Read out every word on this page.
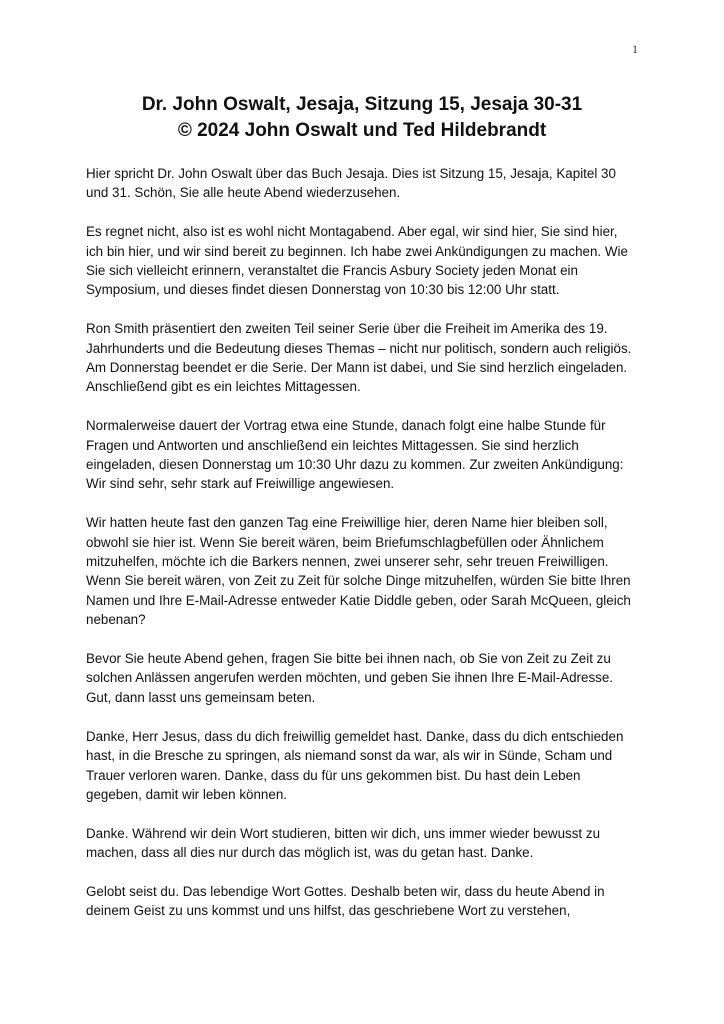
1
Dr. John Oswalt, Jesaja, Sitzung 15, Jesaja 30-31
© 2024 John Oswalt und Ted Hildebrandt

Hier spricht Dr. John Oswalt über das Buch Jesaja. Dies ist Sitzung 15, Jesaja, Kapitel 30 und 31. Schön, Sie alle heute Abend wiederzusehen.

Es regnet nicht, also ist es wohl nicht Montagabend. Aber egal, wir sind hier, Sie sind hier, ich bin hier, und wir sind bereit zu beginnen. Ich habe zwei Ankündigungen zu machen. Wie Sie sich vielleicht erinnern, veranstaltet die Francis Asbury Society jeden Monat ein Symposium, und dieses findet diesen Donnerstag von 10:30 bis 12:00 Uhr statt.

Ron Smith präsentiert den zweiten Teil seiner Serie über die Freiheit im Amerika des 19. Jahrhunderts und die Bedeutung dieses Themas – nicht nur politisch, sondern auch religiös. Am Donnerstag beendet er die Serie. Der Mann ist dabei, und Sie sind herzlich eingeladen. Anschließend gibt es ein leichtes Mittagessen.

Normalerweise dauert der Vortrag etwa eine Stunde, danach folgt eine halbe Stunde für Fragen und Antworten und anschließend ein leichtes Mittagessen. Sie sind herzlich eingeladen, diesen Donnerstag um 10:30 Uhr dazu zu kommen. Zur zweiten Ankündigung: Wir sind sehr, sehr stark auf Freiwillige angewiesen.

Wir hatten heute fast den ganzen Tag eine Freiwillige hier, deren Name hier bleiben soll, obwohl sie hier ist. Wenn Sie bereit wären, beim Briefumschlagbefüllen oder Ähnlichem mitzuhelfen, möchte ich die Barkers nennen, zwei unserer sehr, sehr treuen Freiwilligen. Wenn Sie bereit wären, von Zeit zu Zeit für solche Dinge mitzuhelfen, würden Sie bitte Ihren Namen und Ihre E-Mail-Adresse entweder Katie Diddle geben, oder Sarah McQueen, gleich nebenan?

Bevor Sie heute Abend gehen, fragen Sie bitte bei ihnen nach, ob Sie von Zeit zu Zeit zu solchen Anlässen angerufen werden möchten, und geben Sie ihnen Ihre E-Mail-Adresse. Gut, dann lasst uns gemeinsam beten.

Danke, Herr Jesus, dass du dich freiwillig gemeldet hast. Danke, dass du dich entschieden hast, in die Bresche zu springen, als niemand sonst da war, als wir in Sünde, Scham und Trauer verloren waren. Danke, dass du für uns gekommen bist. Du hast dein Leben gegeben, damit wir leben können.

Danke. Während wir dein Wort studieren, bitten wir dich, uns immer wieder bewusst zu machen, dass all dies nur durch das möglich ist, was du getan hast. Danke.

Gelobt seist du. Das lebendige Wort Gottes. Deshalb beten wir, dass du heute Abend in deinem Geist zu uns kommst und uns hilfst, das geschriebene Wort zu verstehen,
